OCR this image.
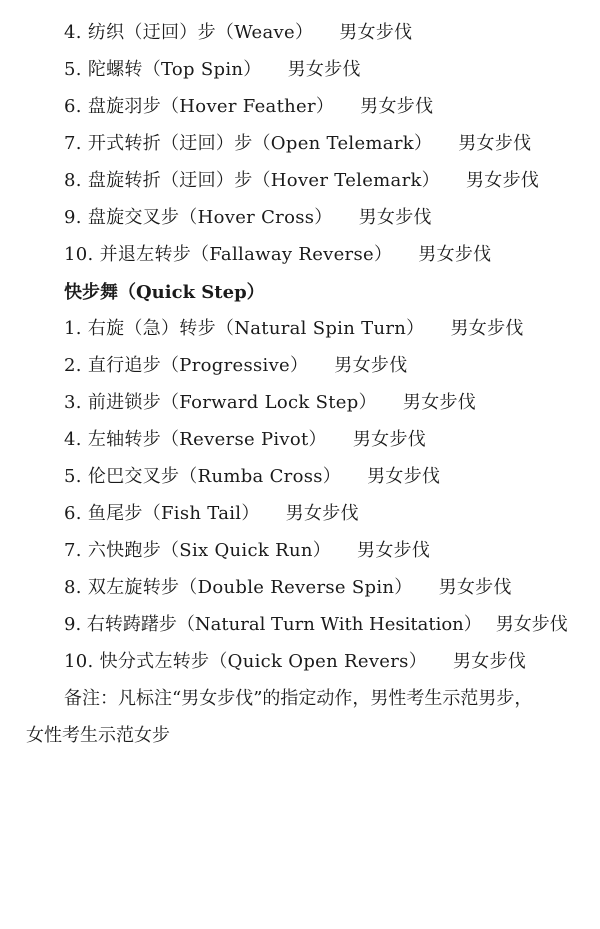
4. 纺织（迂回）步（Weave） 男女步伐
5. 陀螺转（Top Spin） 男女步伐
6. 盘旋羽步（Hover Feather） 男女步伐
7. 开式转折（迂回）步（Open Telemark） 男女步伐
8. 盘旋转折（迂回）步（Hover Telemark） 男女步伐
9. 盘旋交叉步（Hover Cross） 男女步伐
10. 并退左转步（Fallaway Reverse） 男女步伐
快步舞（Quick Step）
1. 右旋（急）转步（Natural Spin Turn） 男女步伐
2. 直行追步（Progressive） 男女步伐
3. 前进锁步（Forward Lock Step） 男女步伐
4. 左轴转步（Reverse Pivot） 男女步伐
5. 伦巴交叉步（Rumba Cross） 男女步伐
6. 鱼尾步（Fish Tail） 男女步伐
7. 六快跑步（Six Quick Run） 男女步伐
8. 双左旋转步（Double Reverse Spin） 男女步伐
9. 右转踌躇步（Natural Turn With Hesitation） 男女步伐
10. 快分式左转步（Quick Open Revers） 男女步伐
备注：凡标注“男女步伐”的指定动作，男性考生示范男步，
女性考生示范女步
